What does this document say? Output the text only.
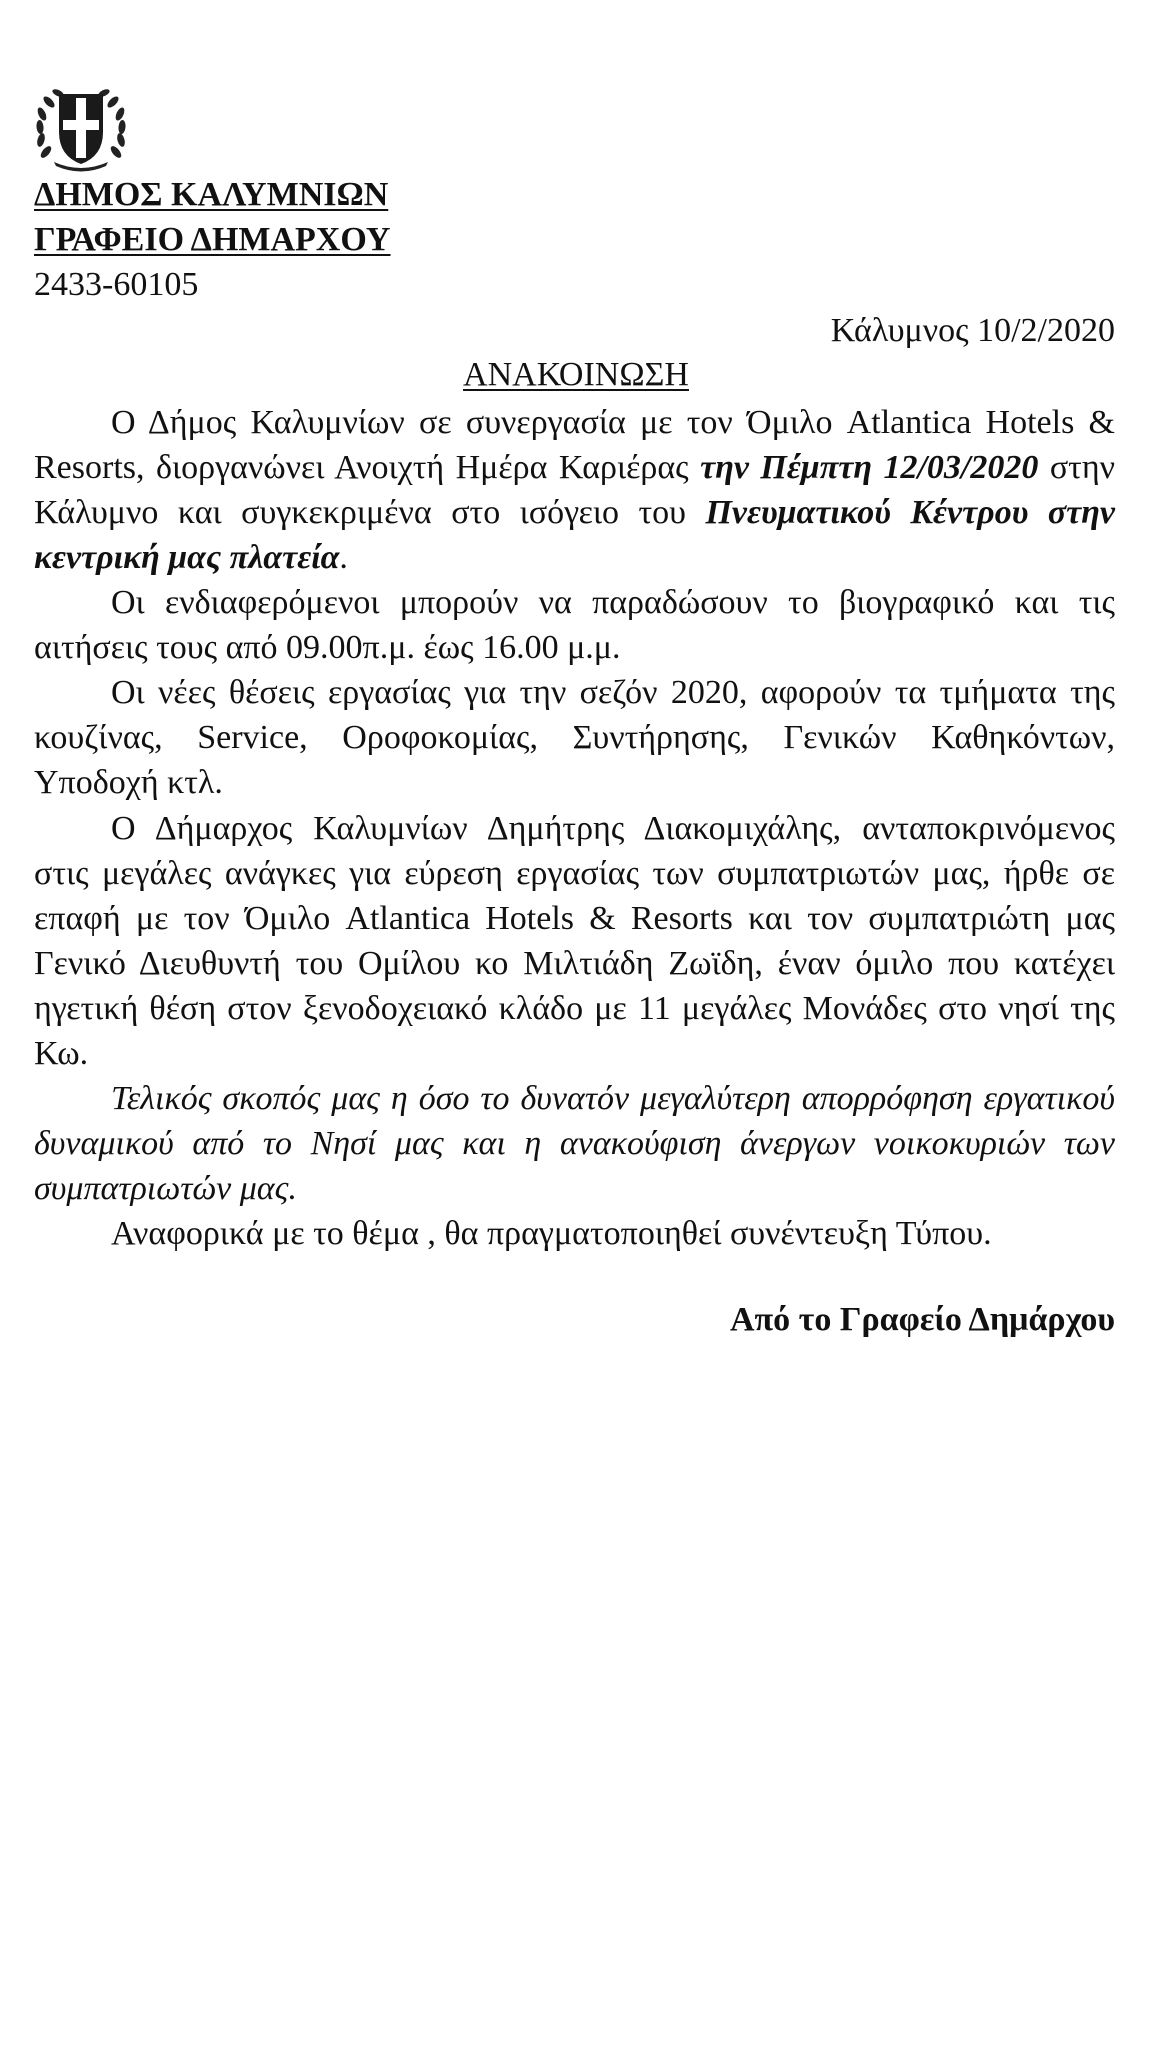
ΔΗΜΟΣ ΚΑΛΥΜΝΙΩΝ
ΓΡΑΦΕΙΟ ΔΗΜΑΡΧΟΥ
2433-60105
Κάλυμνος 10/2/2020
ΑΝΑΚΟΙΝΩΣΗ

Ο Δήμος Καλυμνίων σε συνεργασία με τον Όμιλο Atlantica Hotels & Resorts, διοργανώνει Ανοιχτή Ημέρα Καριέρας την Πέμπτη 12/03/2020 στην Κάλυμνο και συγκεκριμένα στο ισόγειο του Πνευματικού Κέντρου στην κεντρική μας πλατεία.

Οι ενδιαφερόμενοι μπορούν να παραδώσουν το βιογραφικό και τις αιτήσεις τους από 09.00π.μ. έως 16.00 μ.μ.

Οι νέες θέσεις εργασίας για την σεζόν 2020, αφορούν τα τμήματα της κουζίνας, Service, Οροφοκομίας, Συντήρησης, Γενικών Καθηκόντων, Υποδοχή κτλ.

Ο Δήμαρχος Καλυμνίων Δημήτρης Διακομιχάλης, ανταποκρινόμενος στις μεγάλες ανάγκες για εύρεση εργασίας των συμπατριωτών μας, ήρθε σε επαφή με τον Όμιλο Atlantica Hotels & Resorts και τον συμπατριώτη μας Γενικό Διευθυντή του Ομίλου κο Μιλτιάδη Ζωϊδη, έναν όμιλο που κατέχει ηγετική θέση στον ξενοδοχειακό κλάδο με 11 μεγάλες Μονάδες στο νησί της Κω.

Τελικός σκοπός μας η όσο το δυνατόν μεγαλύτερη απορρόφηση εργατικού δυναμικού από το Νησί μας και η ανακούφιση άνεργων νοικοκυριών των συμπατριωτών μας.

Αναφορικά με το θέμα , θα πραγματοποιηθεί συνέντευξη Τύπου.

Από το Γραφείο Δημάρχου
